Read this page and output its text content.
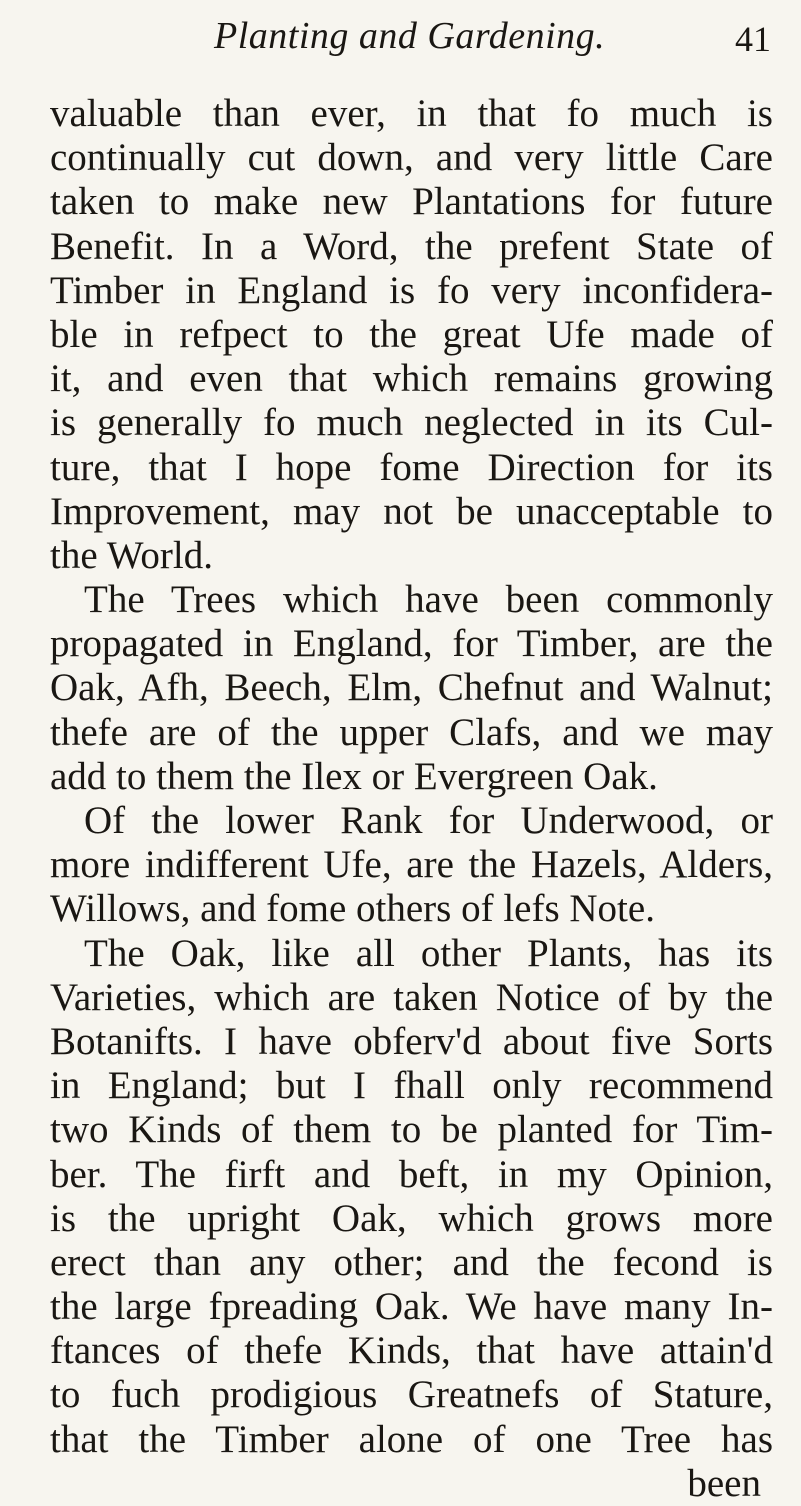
Planting and Gardening.	41
valuable than ever, in that fo much is
continually cut down, and very little Care
taken to make new Plantations for future
Benefit. In a Word, the prefent State of
Timber in England is fo very inconfidera-
ble in refpect to the great Ufe made of
it, and even that which remains growing
is generally fo much neglected in its Cul-
ture, that I hope fome Direction for its
Improvement, may not be unacceptable to
the World.
The Trees which have been commonly
propagated in England, for Timber, are the
Oak, Afh, Beech, Elm, Chefnut and Walnut;
thefe are of the upper Clafs, and we may
add to them the Ilex or Evergreen Oak.
Of the lower Rank for Underwood, or
more indifferent Ufe, are the Hazels, Alders,
Willows, and fome others of lefs Note.
The Oak, like all other Plants, has its
Varieties, which are taken Notice of by the
Botanifts. I have obferv'd about five Sorts
in England; but I fhall only recommend
two Kinds of them to be planted for Tim-
ber. The firft and beft, in my Opinion,
is the upright Oak, which grows more
erect than any other; and the fecond is
the large fpreading Oak. We have many In-
ftances of thefe Kinds, that have attain'd
to fuch prodigious Greatnefs of Stature,
that the Timber alone of one Tree has
been
